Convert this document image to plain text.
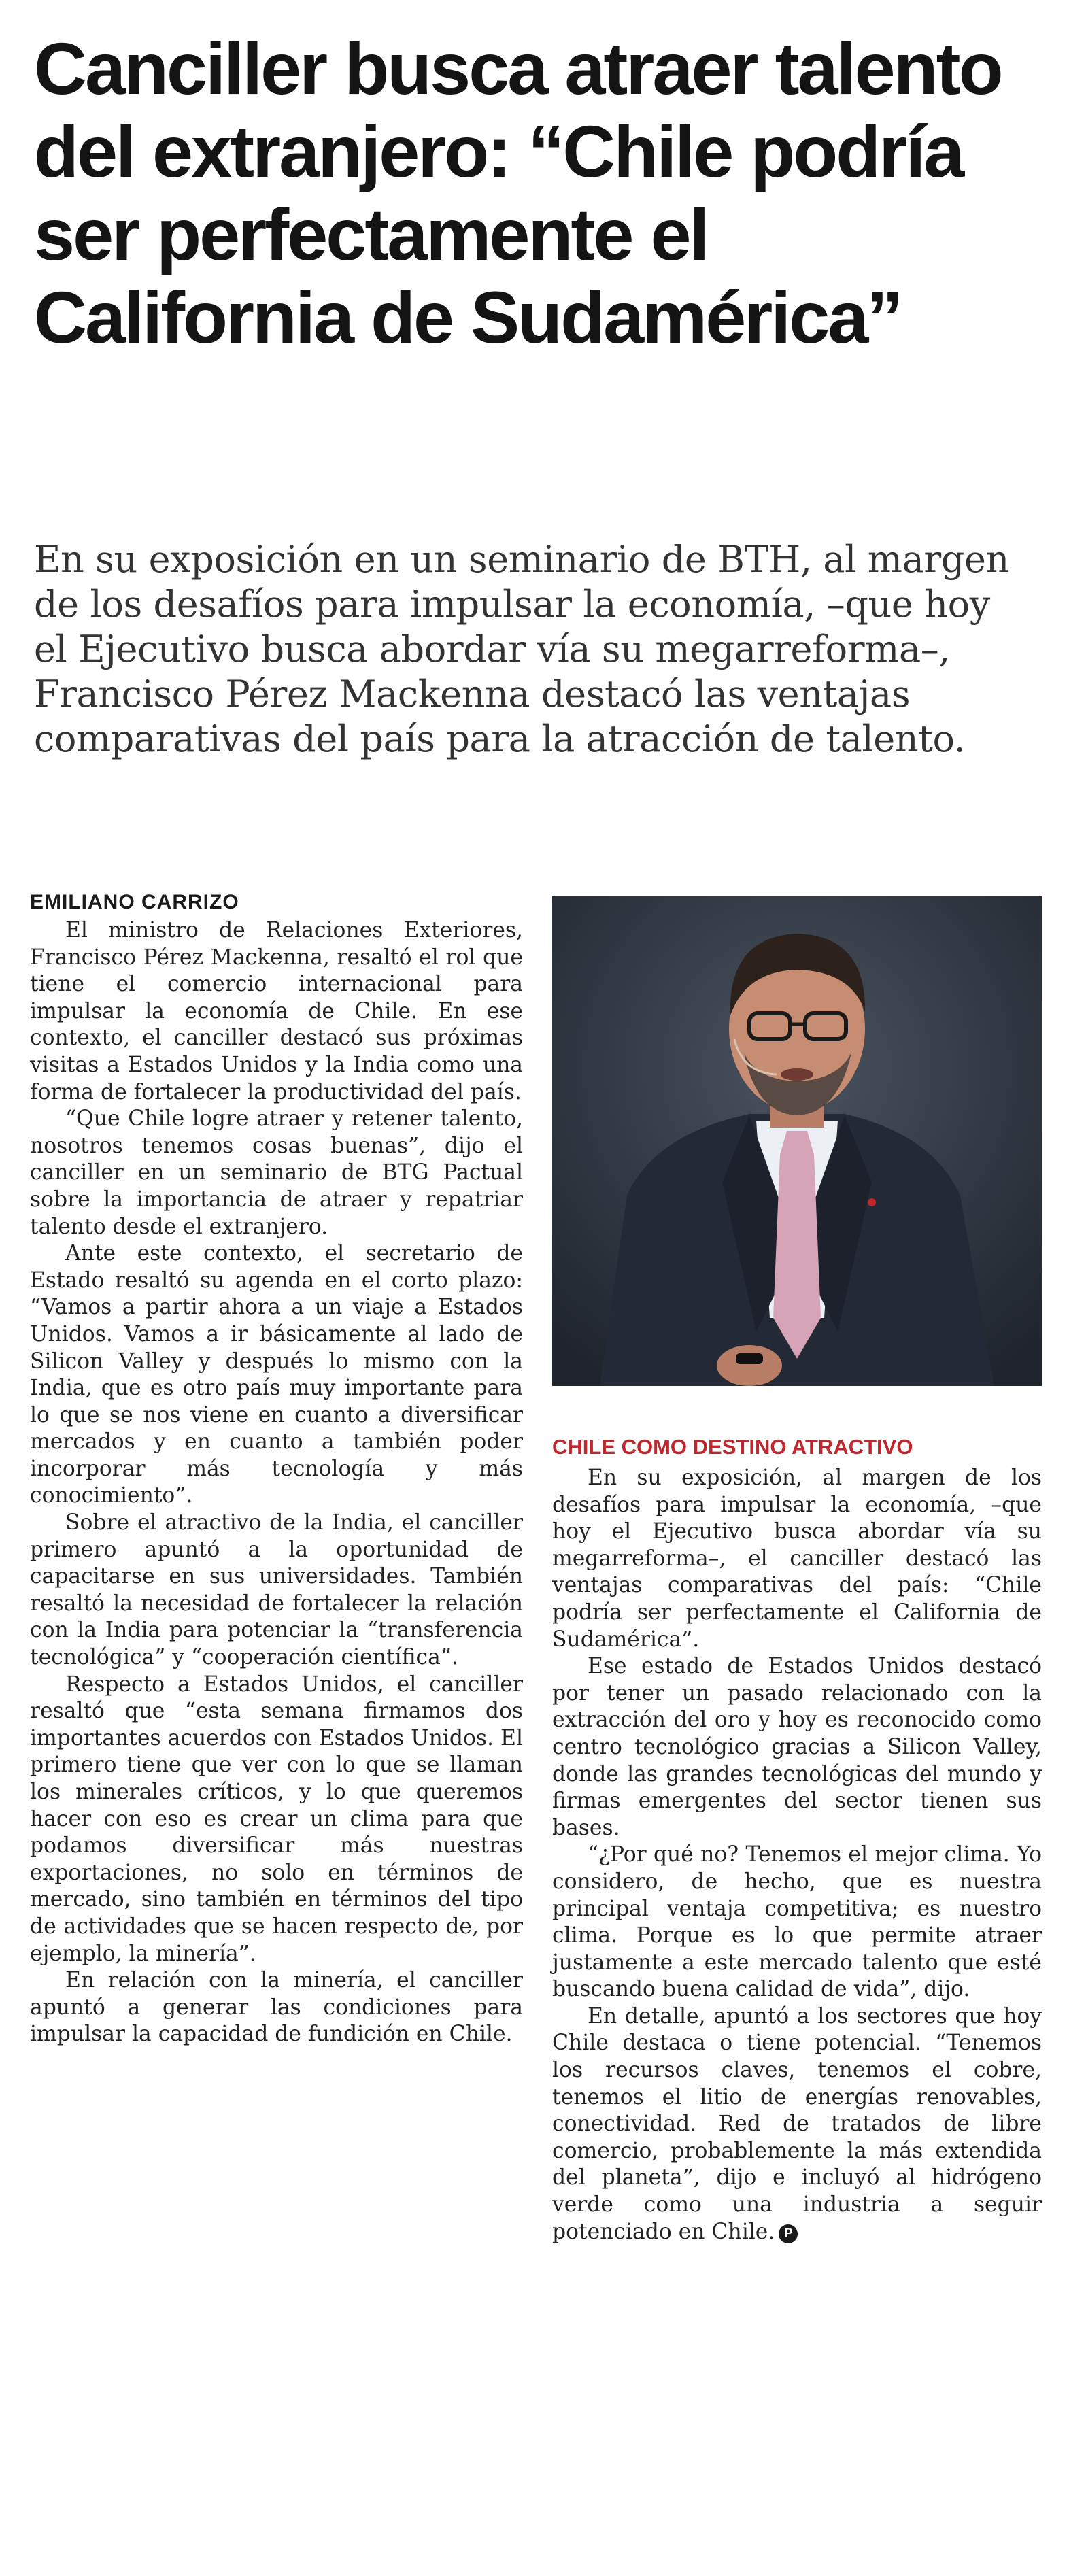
Canciller busca atraer talento del extranjero: “Chile podría ser perfectamente el California de Sudamérica”

En su exposición en un seminario de BTH, al margen de los desafíos para impulsar la economía, –que hoy el Ejecutivo busca abordar vía su megarreforma–, Francisco Pérez Mackenna destacó las ventajas comparativas del país para la atracción de talento.

EMILIANO CARRIZO

El ministro de Relaciones Exteriores, Francisco Pérez Mackenna, resaltó el rol que tiene el comercio internacional para impulsar la economía de Chile. En ese contexto, el canciller destacó sus próximas visitas a Estados Unidos y la India como una forma de fortalecer la productividad del país.

“Que Chile logre atraer y retener talento, nosotros tenemos cosas buenas”, dijo el canciller en un seminario de BTG Pactual sobre la importancia de atraer y repatriar talento desde el extranjero.

Ante este contexto, el secretario de Estado resaltó su agenda en el corto plazo: “Vamos a partir ahora a un viaje a Estados Unidos. Vamos a ir básicamente al lado de Silicon Valley y después lo mismo con la India, que es otro país muy importante para lo que se nos viene en cuanto a diversificar mercados y en cuanto a también poder incorporar más tecnología y más conocimiento”.

Sobre el atractivo de la India, el canciller primero apuntó a la oportunidad de capacitarse en sus universidades. También resaltó la necesidad de fortalecer la relación con la India para potenciar la “transferencia tecnológica” y “cooperación científica”.

Respecto a Estados Unidos, el canciller resaltó que “esta semana firmamos dos importantes acuerdos con Estados Unidos. El primero tiene que ver con lo que se llaman los minerales críticos, y lo que queremos hacer con eso es crear un clima para que podamos diversificar más nuestras exportaciones, no solo en términos de mercado, sino también en términos del tipo de actividades que se hacen respecto de, por ejemplo, la minería”.

En relación con la minería, el canciller apuntó a generar las condiciones para impulsar la capacidad de fundición en Chile.

CHILE COMO DESTINO ATRACTIVO

En su exposición, al margen de los desafíos para impulsar la economía, –que hoy el Ejecutivo busca abordar vía su megarreforma–, el canciller destacó las ventajas comparativas del país: “Chile podría ser perfectamente el California de Sudamérica”.

Ese estado de Estados Unidos destacó por tener un pasado relacionado con la extracción del oro y hoy es reconocido como centro tecnológico gracias a Silicon Valley, donde las grandes tecnológicas del mundo y firmas emergentes del sector tienen sus bases.

“¿Por qué no? Tenemos el mejor clima. Yo considero, de hecho, que es nuestra principal ventaja competitiva; es nuestro clima. Porque es lo que permite atraer justamente a este mercado talento que esté buscando buena calidad de vida”, dijo.

En detalle, apuntó a los sectores que hoy Chile destaca o tiene potencial. “Tenemos los recursos claves, tenemos el cobre, tenemos el litio de energías renovables, conectividad. Red de tratados de libre comercio, probablemente la más extendida del planeta”, dijo e incluyó al hidrógeno verde como una industria a seguir potenciado en Chile. P
